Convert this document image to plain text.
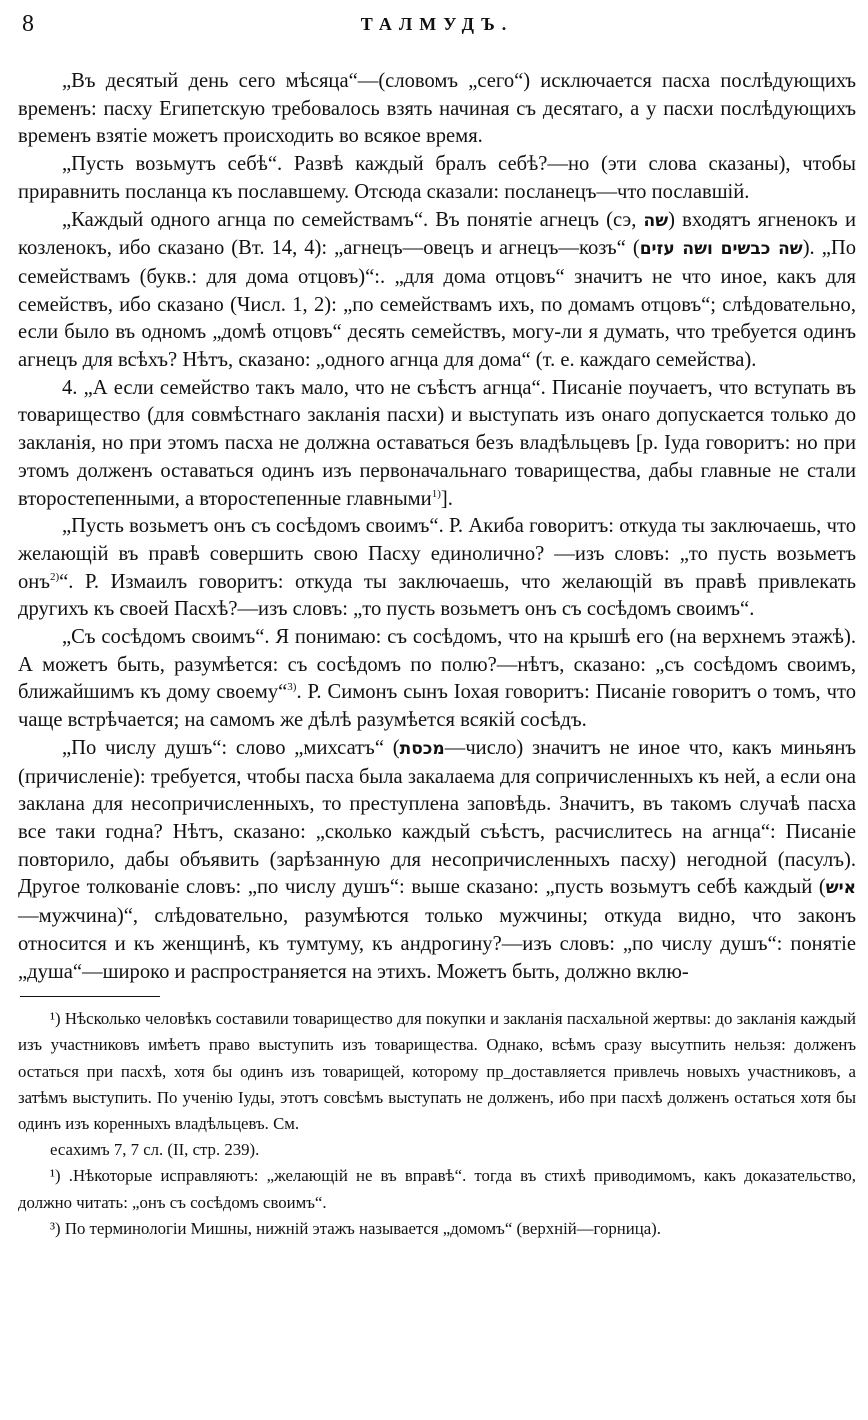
8	ТАЛМУДЪ.

„Въ десятый день сего мѣсяца“—(словомъ „сего“) исключается пасха послѣдующихъ временъ: пасху Египетскую требовалось взять начиная съ десятаго, а у пасхи послѣдующихъ временъ взятіе можетъ происходить во всякое время.

„Пусть возьмутъ себѣ“. Развѣ каждый бралъ себѣ?—но (эти слова сказаны), чтобы приравнить посланца къ пославшему. Отсюда сказали: посланецъ—что пославшій.

„Каждый одного агнца по семействамъ“. Въ понятіе агнецъ (сэ, שה) входятъ ягненокъ и козленокъ, ибо сказано (Вт. 14, 4): „агнецъ—овецъ и агнецъ—козъ“ (שה כבשים ושה עזים). „По семействамъ (букв.: для дома отцовъ)“:. „для дома отцовъ“ значитъ не что иное, какъ для семействъ, ибо сказано (Числ. 1, 2): „по семействамъ ихъ, по домамъ отцовъ“; слѣдовательно, если было въ одномъ „домѣ отцовъ“ десять семействъ, могу-ли я думать, что требуется одинъ агнецъ для всѣхъ? Нѣтъ, сказано: „одного агнца для дома“ (т. е. каждаго семейства).

4. „А если семейство такъ мало, что не съѣстъ агнца“. Писаніе поучаетъ, что вступать въ товарищество (для совмѣстнаго закланія пасхи) и выступать изъ онаго допускается только до закланія, но при этомъ пасха не должна оставаться безъ владѣльцевъ [р. Іуда говоритъ: но при этомъ долженъ оставаться одинъ изъ первоначальнаго товарищества, дабы главные не стали второстепенными, а второстепенные главными$^{1)}$].

„Пусть возьметъ онъ съ сосѣдомъ своимъ“. Р. Акиба говоритъ: откуда ты заключаешь, что желающій въ правѣ совершить свою Пасху единолично? —изъ словъ: „то пусть возьметъ онъ$^{2)}$“. Р. Измаилъ говоритъ: откуда ты заключаешь, что желающій въ правѣ привлекать другихъ къ своей Пасхѣ?—изъ словъ: „то пусть возьметъ онъ съ сосѣдомъ своимъ“.

„Съ сосѣдомъ своимъ“. Я понимаю: съ сосѣдомъ, что на крышѣ его (на верхнемъ этажѣ). А можетъ быть, разумѣется: съ сосѣдомъ по полю?—нѣтъ, сказано: „съ сосѣдомъ своимъ, ближайшимъ къ дому своему“$^{3)}$. Р. Симонъ сынъ Іохая говоритъ: Писаніе говоритъ о томъ, что чаще встрѣчается; на самомъ же дѣлѣ разумѣется всякій сосѣдъ.

„По числу душъ“: слово „михсатъ“ (מכסת—число) значитъ не иное что, какъ миньянъ (причисленіе): требуется, чтобы пасха была закалаема для сопричисленныхъ къ ней, а если она заклана для несопричисленныхъ, то преступлена заповѣдь. Значитъ, въ такомъ случаѣ пасха все таки годна? Нѣтъ, сказано: „сколько каждый съѣстъ, расчислитесь на агнца“: Писаніе повторило, дабы объявить (зарѣзанную для несопричисленныхъ пасху) негодной (пасулъ). Другое толкованіе словъ: „по числу душъ“: выше сказано: „пусть возьмутъ себѣ каждый (איש—мужчина)“, слѣдовательно, разумѣются только мужчины; откуда видно, что законъ относится и къ женщинѣ, къ тумтуму, къ андрогину?—изъ словъ: „по числу душъ“: понятіе „душа“—широко и распространяется на этихъ. Можетъ быть, должно вклю-

¹) Нѣсколько человѣкъ составили товарищество для покупки и закланія пасхальной жертвы: до закланія каждый изъ участниковъ имѣетъ право выступить изъ товарищества. Однако, всѣмъ сразу высутпить нельзя: долженъ остаться при пасхѣ, хотя бы одинъ изъ товарищей, которому пр_доставляется привлечь новыхъ участниковъ, а затѣмъ выступить. По ученію Іуды, этотъ совсѣмъ выступать не долженъ, ибо при пасхѣ долженъ остаться хотя бы одинъ изъ коренныхъ владѣльцевъ. См.

есахимъ 7, 7 сл. (II, стр. 239).

¹) .Нѣкоторые исправляютъ: „желающій не въ вправѣ“. тогда въ стихѣ приводимомъ, какъ доказательство, должно читать: „онъ съ сосѣдомъ своимъ“.

³) По терминологіи Мишны, нижній этажъ называется „домомъ“ (верхній—горница).
